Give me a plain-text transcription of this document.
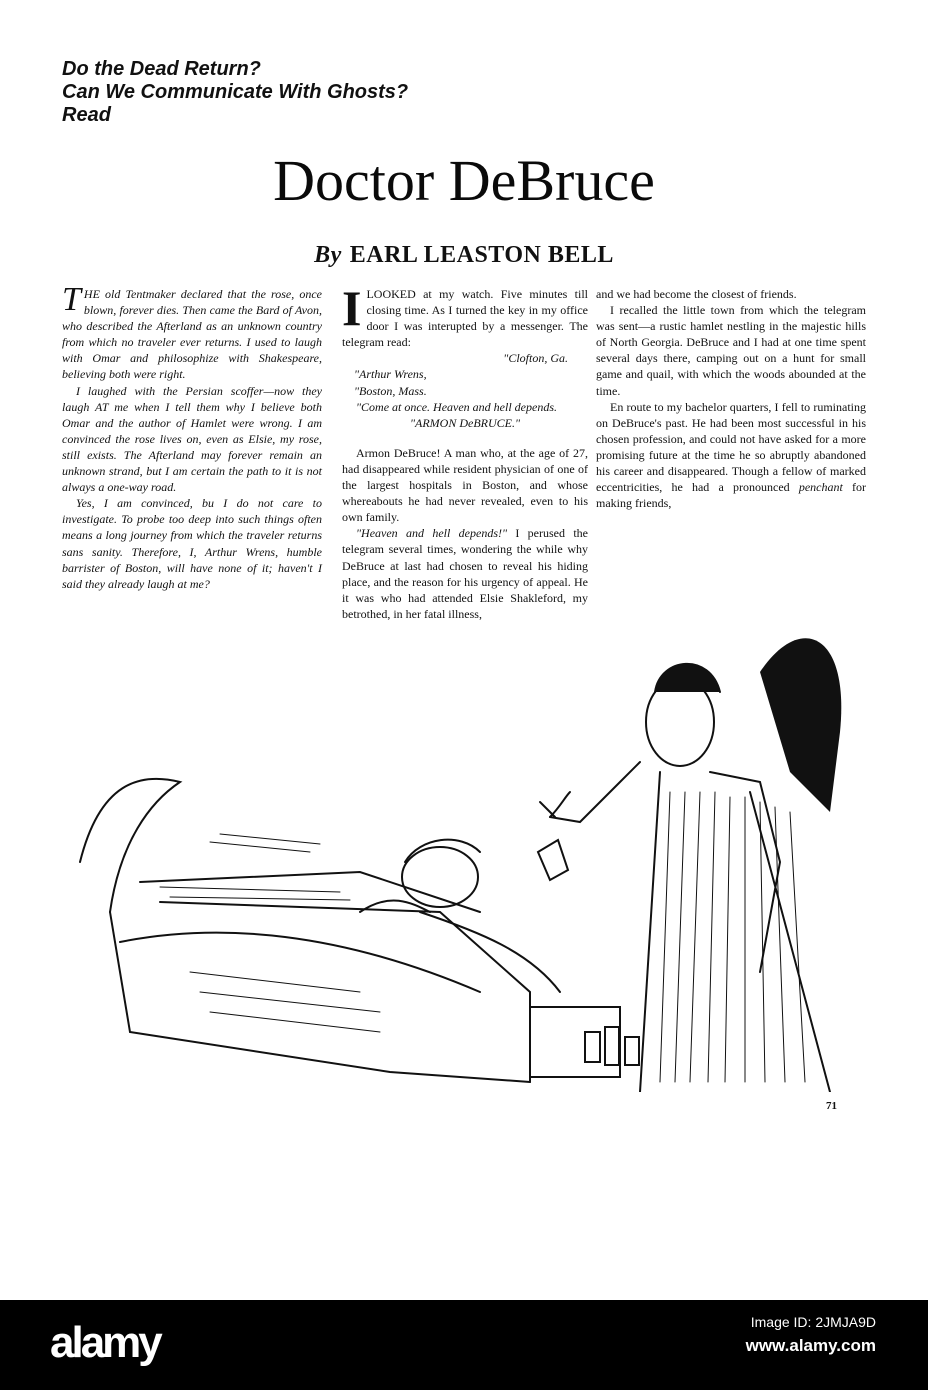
Do the Dead Return?
Can We Communicate With Ghosts?
Read
Doctor DeBruce
By EARL LEASTON BELL

THE old Tentmaker declared that the rose, once blown, forever dies. Then came the Bard of Avon, who described the Afterland as an unknown country from which no traveler ever returns. I used to laugh with Omar and philosophize with Shakespeare, believing both were right.

I laughed with the Persian scoffer—now they laugh AT me when I tell them why I believe both Omar and the author of Hamlet were wrong. I am convinced the rose lives on, even as Elsie, my rose, still exists. The Afterland may forever remain an unknown strand, but I am certain the path to it is not always a one-way road.

Yes, I am convinced, bu I do not care to investigate. To probe too deep into such things often means a long journey from which the traveler returns sans sanity. Therefore, I, Arthur Wrens, humble barrister of Boston, will have none of it; haven't I said they already laugh at me?

ILOOKED at my watch. Five minutes till closing time. As I turned the key in my office door I was interupted by a messenger. The telegram read:

"Clofton, Ga.
"Arthur Wrens,
"Boston, Mass.

"Come at once. Heaven and hell depends.

"ARMON DeBRUCE."

Armon DeBruce! A man who, at the age of 27, had disappeared while resident physician of one of the largest hospitals in Boston, and whose whereabouts he had never revealed, even to his own family.

"Heaven and hell depends!" I perused the telegram several times, wondering the while why DeBruce at last had chosen to reveal his hiding place, and the reason for his urgency of appeal. He it was who had attended Elsie Shakleford, my betrothed, in her fatal illness,

and we had become the closest of friends.

I recalled the little town from which the telegram was sent—a rustic hamlet nestling in the majestic hills of North Georgia. DeBruce and I had at one time spent several days there, camping out on a hunt for small game and quail, with which the woods abounded at the time.

En route to my bachelor quarters, I fell to ruminating on DeBruce's past. He had been most successful in his chosen profession, and could not have asked for a more promising future at the time he so abruptly abandoned his career and disappeared. Though a fellow of marked eccentricities, he had a pronounced penchant for making friends,

71
alamy	Image ID: 2JMJA9D
www.alamy.com
